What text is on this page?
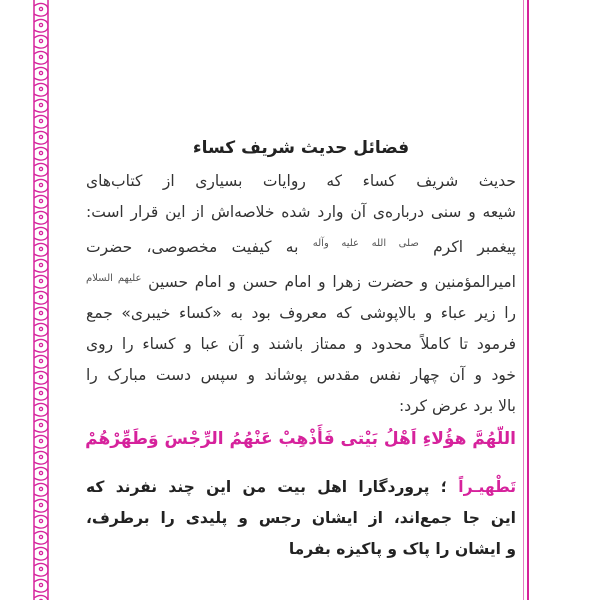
فضائل حدیث شریف کساء

حدیث شریف کساء که روایات بسیاری از کتاب‌های
شیعه و سنی درباره‌ی آن وارد شده خلاصه‌اش از این قرار است:

پیغمبر اکرم $^{صلى الله عليه وآله}$ به کیفیت مخصوصی، حضرت
امیرالمؤمنین و حضرت زهرا و امام حسن و امام حسین $^{عليهم السلام}$
را زیر عباء و بالاپوشی که معروف بود به «کساء خیبری» جمع
فرمود تا کاملاً محدود و ممتاز باشند و آن عبا و کساء را روی
خود و آن چهار نفس مقدس پوشاند و سپس دست مبارک را
بالا برد عرض کرد:

اللّهُمَّ هؤُلاءِ اَهْلُ بَيْتى فَأَذْهِبْ عَنْهُمُ الرِّجْسَ وَطَهِّرْهُمْ

تَطْهيـراً ؛ پروردگارا اهل بیت من این چند نفرند که
این جا جمع‌اند، از ایشان رجس و پلیدی را برطرف،
و ایشان را پاک و پاکیزه بفرما
